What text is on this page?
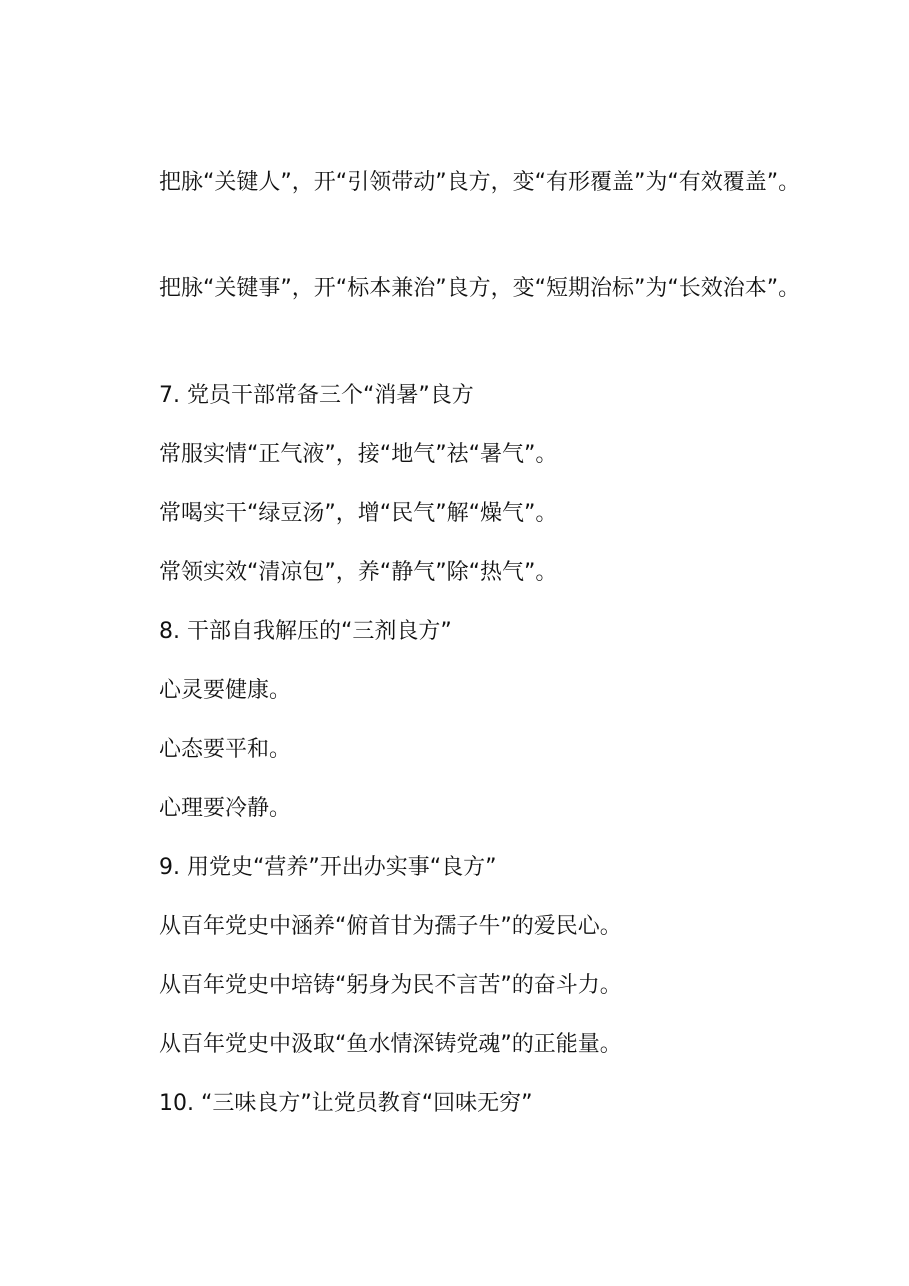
把脉“关键人”，开“引领带动”良方，变“有形覆盖”为“有效覆盖”。

把脉“关键事”，开“标本兼治”良方，变“短期治标”为“长效治本”。

7. 党员干部常备三个“消暑”良方
常服实情“正气液”，接“地气”祛“暑气”。
常喝实干“绿豆汤”，增“民气”解“燥气”。
常领实效“清凉包”，养“静气”除“热气”。
8. 干部自我解压的“三剂良方”
心灵要健康。
心态要平和。
心理要冷静。
9. 用党史“营养”开出办实事“良方”
从百年党史中涵养“俯首甘为孺子牛”的爱民心。
从百年党史中培铸“躬身为民不言苦”的奋斗力。
从百年党史中汲取“鱼水情深铸党魂”的正能量。
10. “三味良方”让党员教育“回味无穷”
